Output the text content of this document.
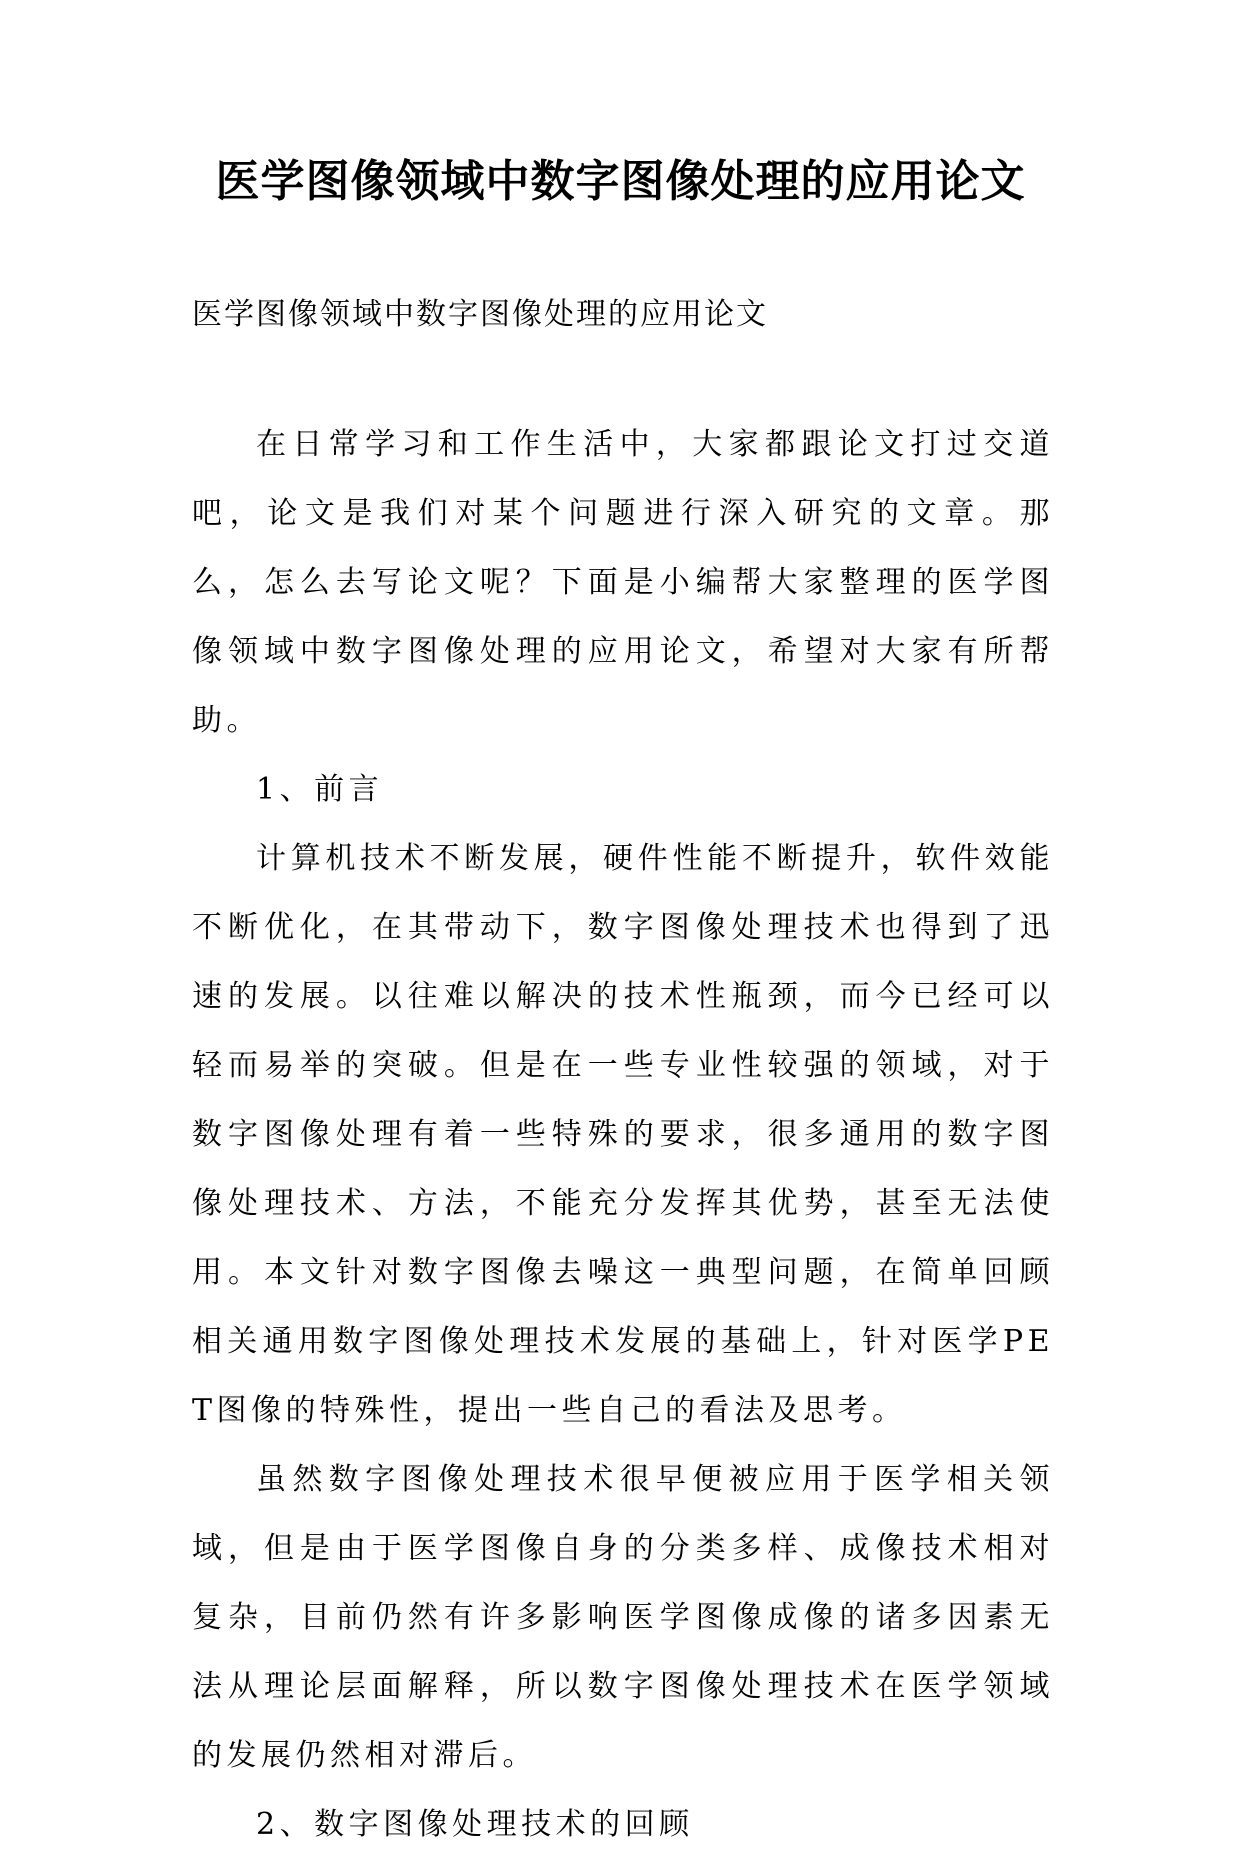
医学图像领域中数字图像处理的应用论文

医学图像领域中数字图像处理的应用论文

在日常学习和工作生活中，大家都跟论文打过交道吧，论文是我们对某个问题进行深入研究的文章。那么，怎么去写论文呢？下面是小编帮大家整理的医学图像领域中数字图像处理的应用论文，希望对大家有所帮助。

1、前言

计算机技术不断发展，硬件性能不断提升，软件效能不断优化，在其带动下，数字图像处理技术也得到了迅速的发展。以往难以解决的技术性瓶颈，而今已经可以轻而易举的突破。但是在一些专业性较强的领域，对于数字图像处理有着一些特殊的要求，很多通用的数字图像处理技术、方法，不能充分发挥其优势，甚至无法使用。本文针对数字图像去噪这一典型问题，在简单回顾相关通用数字图像处理技术发展的基础上，针对医学PET图像的特殊性，提出一些自己的看法及思考。

虽然数字图像处理技术很早便被应用于医学相关领域，但是由于医学图像自身的分类多样、成像技术相对复杂，目前仍然有许多影响医学图像成像的诸多因素无法从理论层面解释，所以数字图像处理技术在医学领域的发展仍然相对滞后。

2、数字图像处理技术的回顾
